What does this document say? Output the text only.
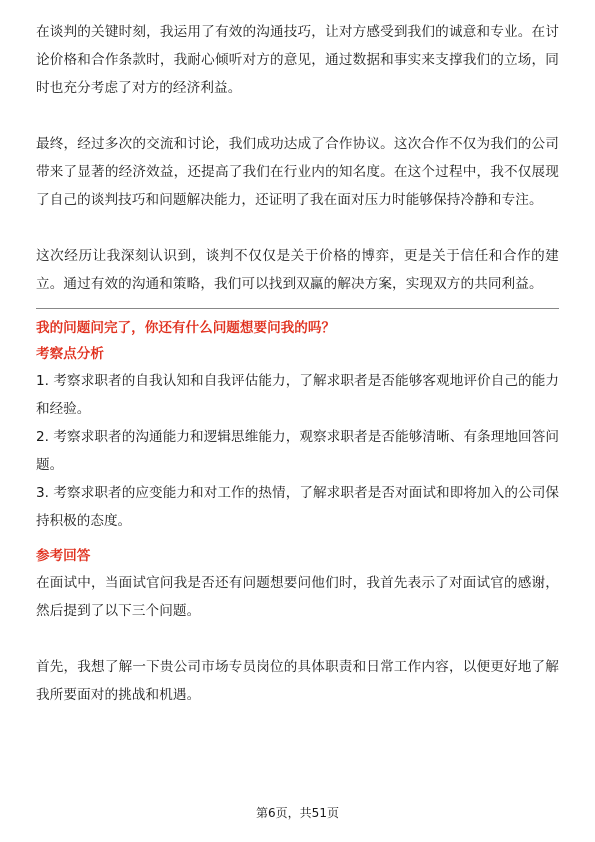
在谈判的关键时刻，我运用了有效的沟通技巧，让对方感受到我们的诚意和专业。在讨论价格和合作条款时，我耐心倾听对方的意见，通过数据和事实来支撑我们的立场，同时也充分考虑了对方的经济利益。

最终，经过多次的交流和讨论，我们成功达成了合作协议。这次合作不仅为我们的公司带来了显著的经济效益，还提高了我们在行业内的知名度。在这个过程中，我不仅展现了自己的谈判技巧和问题解决能力，还证明了我在面对压力时能够保持冷静和专注。

这次经历让我深刻认识到，谈判不仅仅是关于价格的博弈，更是关于信任和合作的建立。通过有效的沟通和策略，我们可以找到双赢的解决方案，实现双方的共同利益。

我的问题问完了，你还有什么问题想要问我的吗？

考察点分析

1. 考察求职者的自我认知和自我评估能力，了解求职者是否能够客观地评价自己的能力和经验。

2. 考察求职者的沟通能力和逻辑思维能力，观察求职者是否能够清晰、有条理地回答问题。

3. 考察求职者的应变能力和对工作的热情，了解求职者是否对面试和即将加入的公司保持积极的态度。

参考回答

在面试中，当面试官问我是否还有问题想要问他们时，我首先表示了对面试官的感谢，然后提到了以下三个问题。

首先，我想了解一下贵公司市场专员岗位的具体职责和日常工作内容，以便更好地了解我所要面对的挑战和机遇。

第6页，共51页
